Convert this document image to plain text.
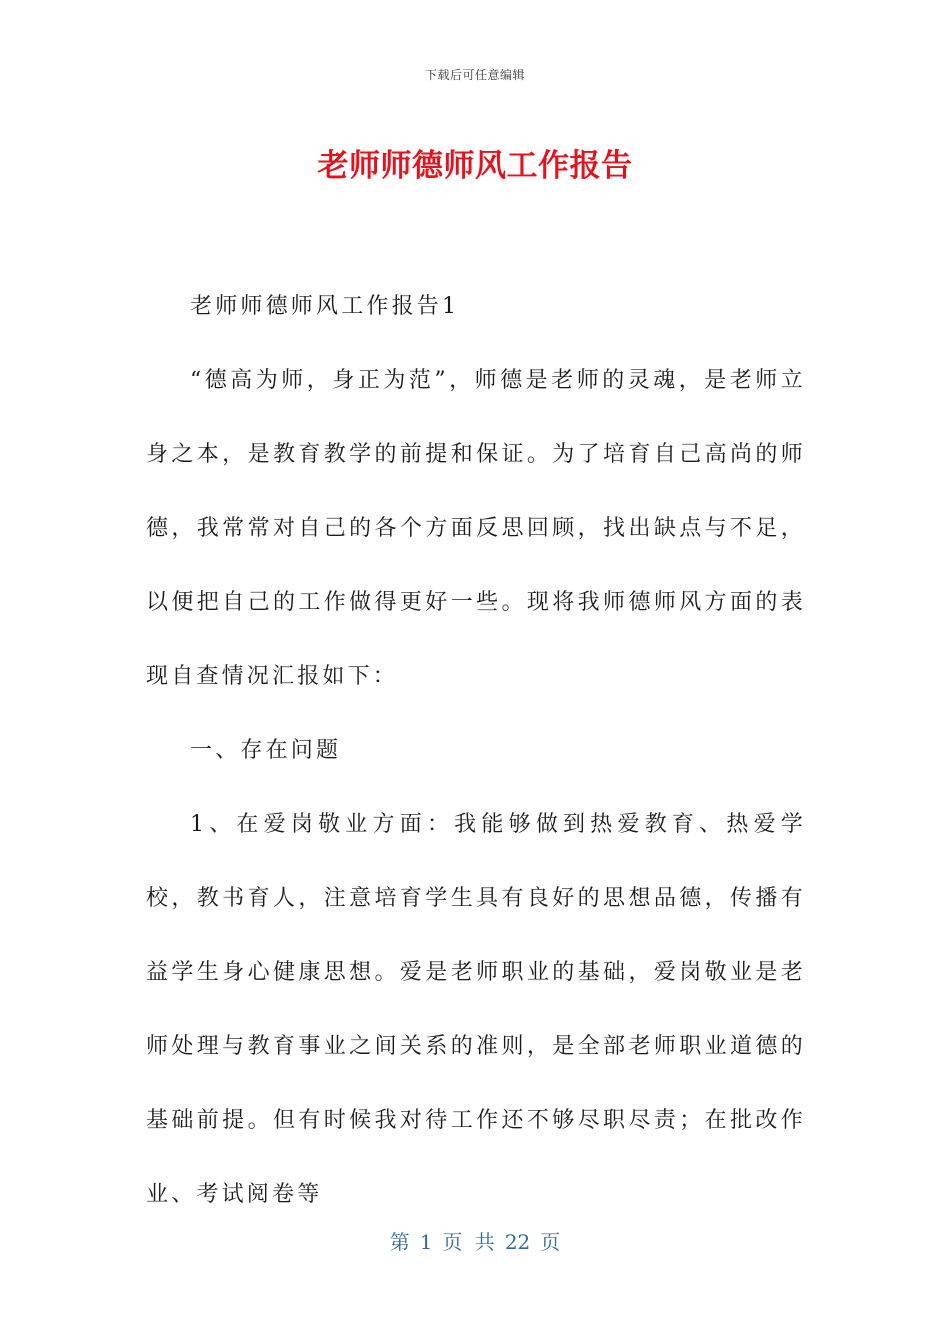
下载后可任意编辑
老师师德师风工作报告

老师师德师风工作报告1

“德高为师，身正为范”，师德是老师的灵魂，是老师立身之本，是教育教学的前提和保证。为了培育自己高尚的师德，我常常对自己的各个方面反思回顾，找出缺点与不足，以便把自己的工作做得更好一些。现将我师德师风方面的表现自查情况汇报如下：

一、存在问题

1、在爱岗敬业方面：我能够做到热爱教育、热爱学校，教书育人，注意培育学生具有良好的思想品德，传播有益学生身心健康思想。爱是老师职业的基础，爱岗敬业是老师处理与教育事业之间关系的准则，是全部老师职业道德的基础前提。但有时候我对待工作还不够尽职尽责；在批改作业、考试阅卷等

第 1 页 共 22 页
